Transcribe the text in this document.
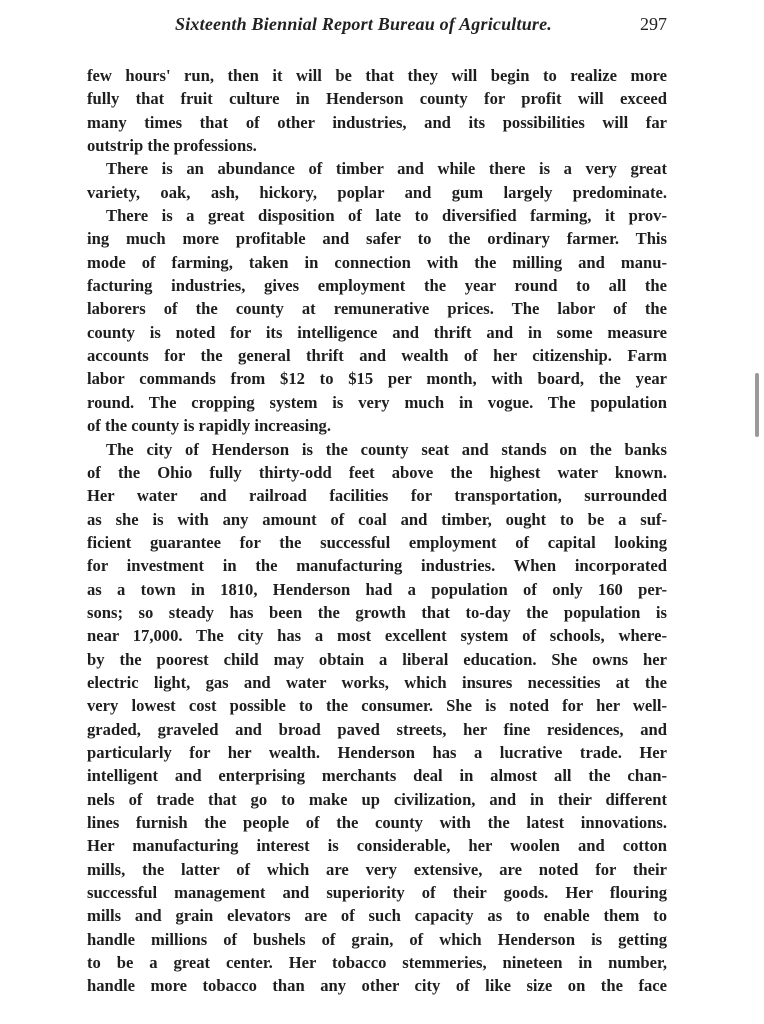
Sixteenth Biennial Report Bureau of Agriculture.	297
few hours' run, then it will be that they will begin to realize more
fully that fruit culture in Henderson county for profit will exceed
many times that of other industries, and its possibilities will far
outstrip the professions.
There is an abundance of timber and while there is a very great
variety, oak, ash, hickory, poplar and gum largely predominate.
There is a great disposition of late to diversified farming, it prov-
ing much more profitable and safer to the ordinary farmer. This
mode of farming, taken in connection with the milling and manu-
facturing industries, gives employment the year round to all the
laborers of the county at remunerative prices. The labor of the
county is noted for its intelligence and thrift and in some measure
accounts for the general thrift and wealth of her citizenship. Farm
labor commands from $12 to $15 per month, with board, the year
round. The cropping system is very much in vogue. The population
of the county is rapidly increasing.
The city of Henderson is the county seat and stands on the banks
of the Ohio fully thirty-odd feet above the highest water known.
Her water and railroad facilities for transportation, surrounded
as she is with any amount of coal and timber, ought to be a suf-
ficient guarantee for the successful employment of capital looking
for investment in the manufacturing industries. When incorporated
as a town in 1810, Henderson had a population of only 160 per-
sons; so steady has been the growth that to-day the population is
near 17,000. The city has a most excellent system of schools, where-
by the poorest child may obtain a liberal education. She owns her
electric light, gas and water works, which insures necessities at the
very lowest cost possible to the consumer. She is noted for her well-
graded, graveled and broad paved streets, her fine residences, and
particularly for her wealth. Henderson has a lucrative trade. Her
intelligent and enterprising merchants deal in almost all the chan-
nels of trade that go to make up civilization, and in their different
lines furnish the people of the county with the latest innovations.
Her manufacturing interest is considerable, her woolen and cotton
mills, the latter of which are very extensive, are noted for their
successful management and superiority of their goods. Her flouring
mills and grain elevators are of such capacity as to enable them to
handle millions of bushels of grain, of which Henderson is getting
to be a great center. Her tobacco stemmeries, nineteen in number,
handle more tobacco than any other city of like size on the face
